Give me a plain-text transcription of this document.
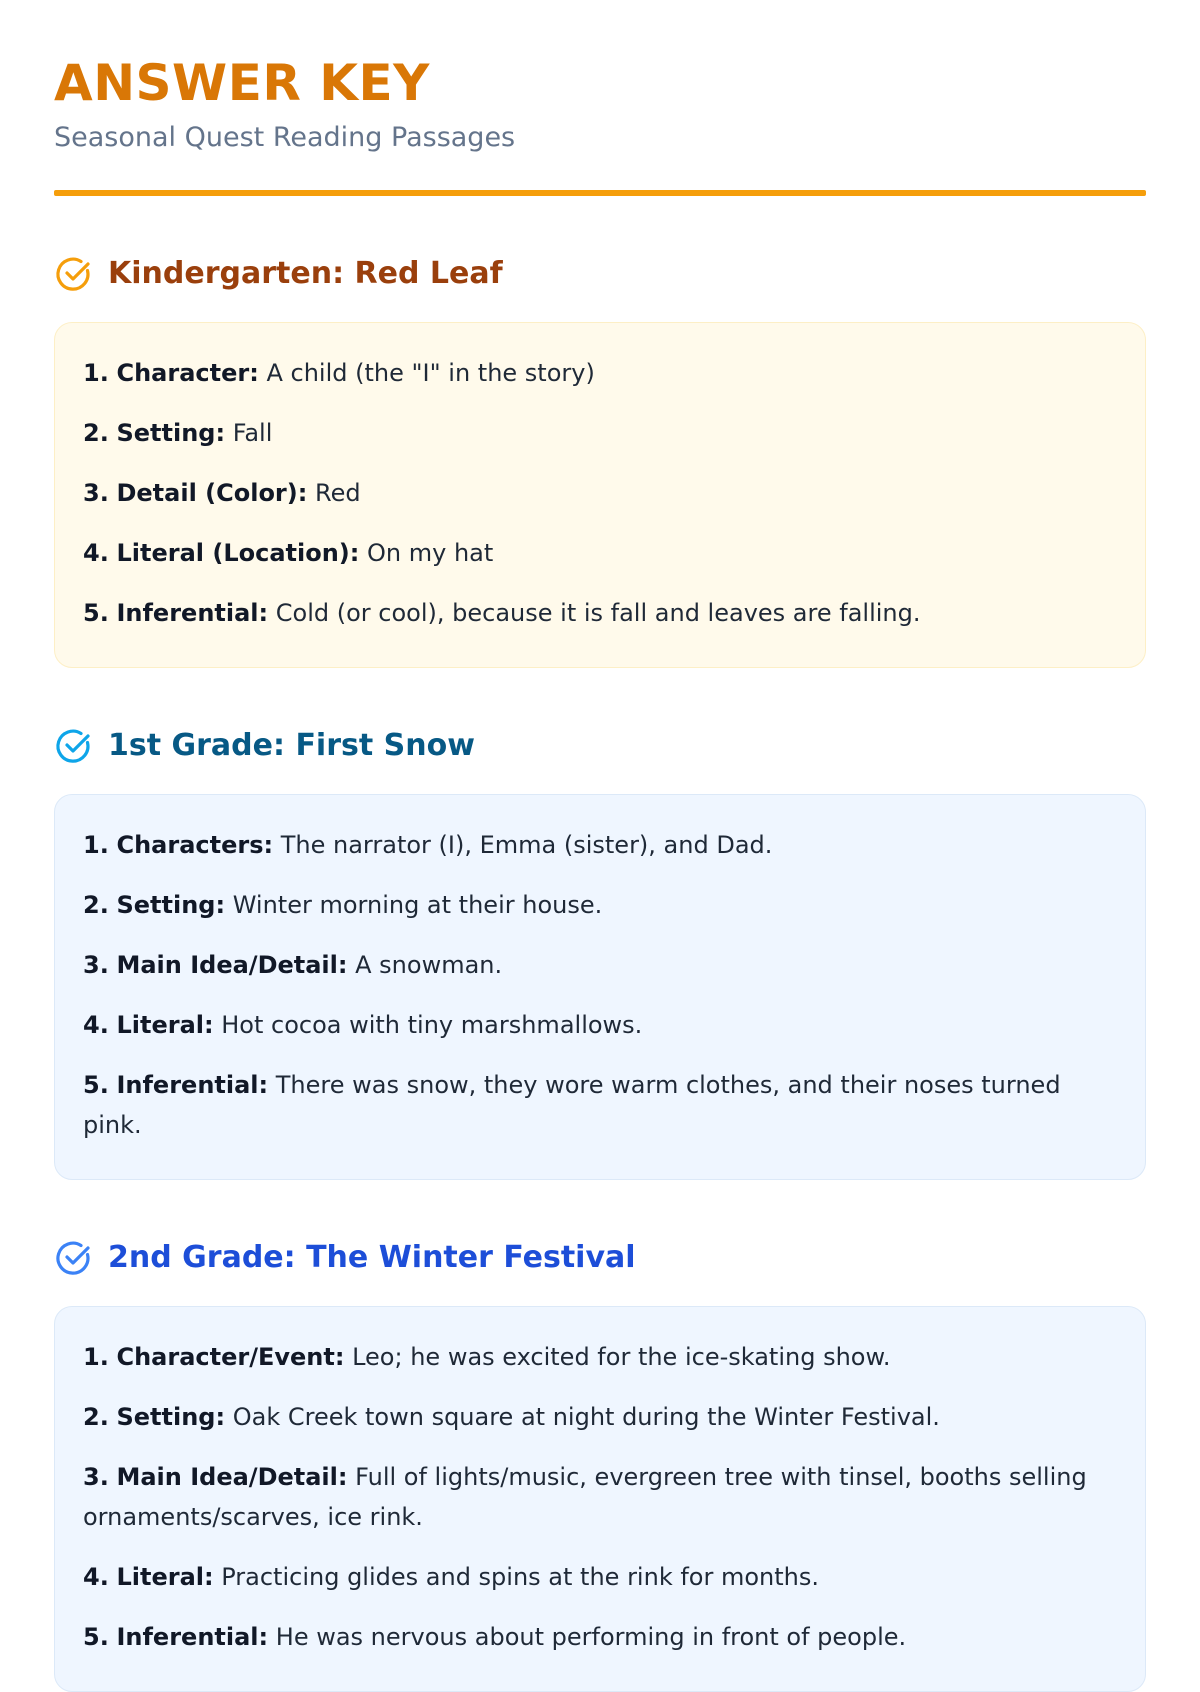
ANSWER KEY
Seasonal Quest Reading Passages
Kindergarten: Red Leaf
1. Character: A child (the "I" in the story)
2. Setting: Fall
3. Detail (Color): Red
4. Literal (Location): On my hat
5. Inferential: Cold (or cool), because it is fall and leaves are falling.
1st Grade: First Snow
1. Characters: The narrator (I), Emma (sister), and Dad.
2. Setting: Winter morning at their house.
3. Main Idea/Detail: A snowman.
4. Literal: Hot cocoa with tiny marshmallows.
5. Inferential: There was snow, they wore warm clothes, and their noses turned pink.
2nd Grade: The Winter Festival
1. Character/Event: Leo; he was excited for the ice-skating show.
2. Setting: Oak Creek town square at night during the Winter Festival.
3. Main Idea/Detail: Full of lights/music, evergreen tree with tinsel, booths selling ornaments/scarves, ice rink.
4. Literal: Practicing glides and spins at the rink for months.
5. Inferential: He was nervous about performing in front of people.
